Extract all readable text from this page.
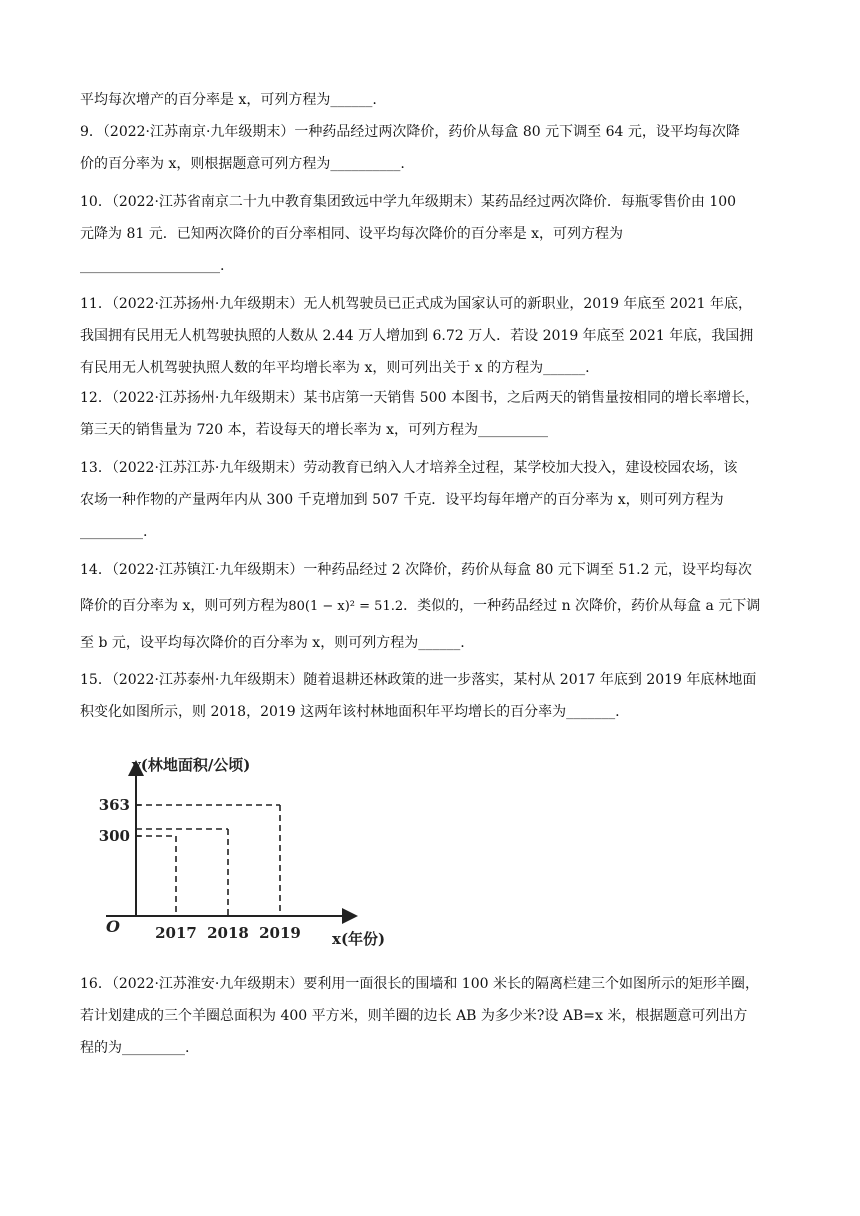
平均每次增产的百分率是 x，可列方程为______.

9．（2022·江苏南京·九年级期末）一种药品经过两次降价，药价从每盒 80 元下调至 64 元，设平均每次降
价的百分率为 x，则根据题意可列方程为__________.

10．（2022·江苏省南京二十九中教育集团致远中学九年级期末）某药品经过两次降价．每瓶零售价由 100
元降为 81 元．已知两次降价的百分率相同、设平均每次降价的百分率是 x，可列方程为
____________________.

11．（2022·江苏扬州·九年级期末）无人机驾驶员已正式成为国家认可的新职业，2019 年底至 2021 年底，
我国拥有民用无人机驾驶执照的人数从 2.44 万人增加到 6.72 万人．若设 2019 年底至 2021 年底，我国拥
有民用无人机驾驶执照人数的年平均增长率为 x，则可列出关于 x 的方程为______.

12．（2022·江苏扬州·九年级期末）某书店第一天销售 500 本图书，之后两天的销售量按相同的增长率增长，
第三天的销售量为 720 本，若设每天的增长率为 x，可列方程为__________

13．（2022·江苏江苏·九年级期末）劳动教育已纳入人才培养全过程，某学校加大投入，建设校园农场，该
农场一种作物的产量两年内从 300 千克增加到 507 千克．设平均每年增产的百分率为 x，则可列方程为
_________.

14．（2022·江苏镇江·九年级期末）一种药品经过 2 次降价，药价从每盒 80 元下调至 51.2 元，设平均每次
降价的百分率为 x，则可列方程为80(1 − x)² = 51.2．类似的，一种药品经过 n 次降价，药价从每盒 a 元下调
至 b 元，设平均每次降价的百分率为 x，则可列方程为______.

15．（2022·江苏泰州·九年级期末）随着退耕还林政策的进一步落实，某村从 2017 年底到 2019 年底林地面
积变化如图所示，则 2018，2019 这两年该村林地面积年平均增长的百分率为_______.

y(林地面积/公顷)
x(年份)
O
300
363
2017 2018 2019

16．（2022·江苏淮安·九年级期末）要利用一面很长的围墙和 100 米长的隔离栏建三个如图所示的矩形羊圈，
若计划建成的三个羊圈总面积为 400 平方米，则羊圈的边长 AB 为多少米?设 AB=x 米，根据题意可列出方
程的为_________.
